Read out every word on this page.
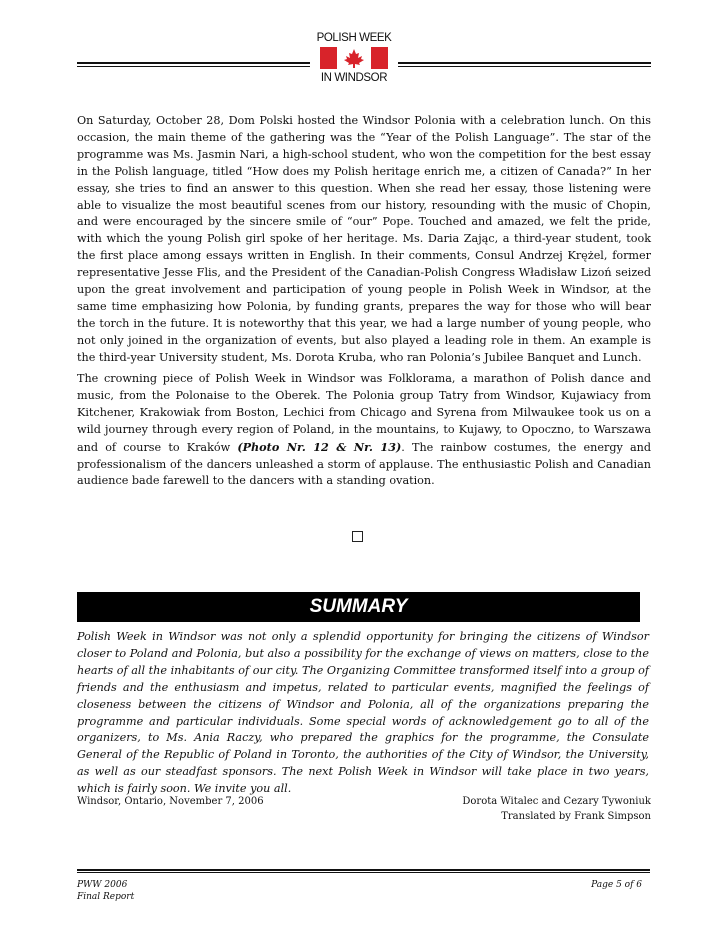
POLISH WEEK
IN WINDSOR

On Saturday, October 28, Dom Polski hosted the Windsor Polonia with a celebration lunch. On this occasion, the main theme of the gathering was the “Year of the Polish Language”. The star of the programme was Ms. Jasmin Nari, a high-school student, who won the competition for the best essay in the Polish language, titled “How does my Polish heritage enrich me, a citizen of Canada?” In her essay, she tries to find an answer to this question. When she read her essay, those listening were able to visualize the most beautiful scenes from our history, resounding with the music of Chopin, and were encouraged by the sincere smile of “our” Pope. Touched and amazed, we felt the pride, with which the young Polish girl spoke of her heritage. Ms. Daria Zając, a third-year student, took the first place among essays written in English. In their comments, Consul Andrzej Krężel, former representative Jesse Flis, and the President of the Canadian-Polish Congress Władisław Lizoń seized upon the great involvement and participation of young people in Polish Week in Windsor, at the same time emphasizing how Polonia, by funding grants, prepares the way for those who will bear the torch in the future. It is noteworthy that this year, we had a large number of young people, who not only joined in the organization of events, but also played a leading role in them. An example is the third-year University student, Ms. Dorota Kruba, who ran Polonia’s Jubilee Banquet and Lunch.

The crowning piece of Polish Week in Windsor was Folklorama, a marathon of Polish dance and music, from the Polonaise to the Oberek. The Polonia group Tatry from Windsor, Kujawiacy from Kitchener, Krakowiak from Boston, Lechici from Chicago and Syrena from Milwaukee took us on a wild journey through every region of Poland, in the mountains, to Kujawy, to Opoczno, to Warszawa and of course to Kraków (Photo Nr. 12 & Nr. 13). The rainbow costumes, the energy and professionalism of the dancers unleashed a storm of applause. The enthusiastic Polish and Canadian audience bade farewell to the dancers with a standing ovation.

SUMMARY

Polish Week in Windsor was not only a splendid opportunity for bringing the citizens of Windsor closer to Poland and Polonia, but also a possibility for the exchange of views on matters, close to the hearts of all the inhabitants of our city. The Organizing Committee transformed itself into a group of friends and the enthusiasm and impetus, related to particular events, magnified the feelings of closeness between the citizens of Windsor and Polonia, all of the organizations preparing the programme and particular individuals. Some special words of acknowledgement go to all of the organizers, to Ms. Ania Raczy, who prepared the graphics for the programme, the Consulate General of the Republic of Poland in Toronto, the authorities of the City of Windsor, the University, as well as our steadfast sponsors. The next Polish Week in Windsor will take place in two years, which is fairly soon. We invite you all.

Windsor, Ontario, November 7, 2006	Dorota Witalec and Cezary Tywoniuk
Translated by Frank Simpson
PWW 2006
Final Report
Page 5 of 6
